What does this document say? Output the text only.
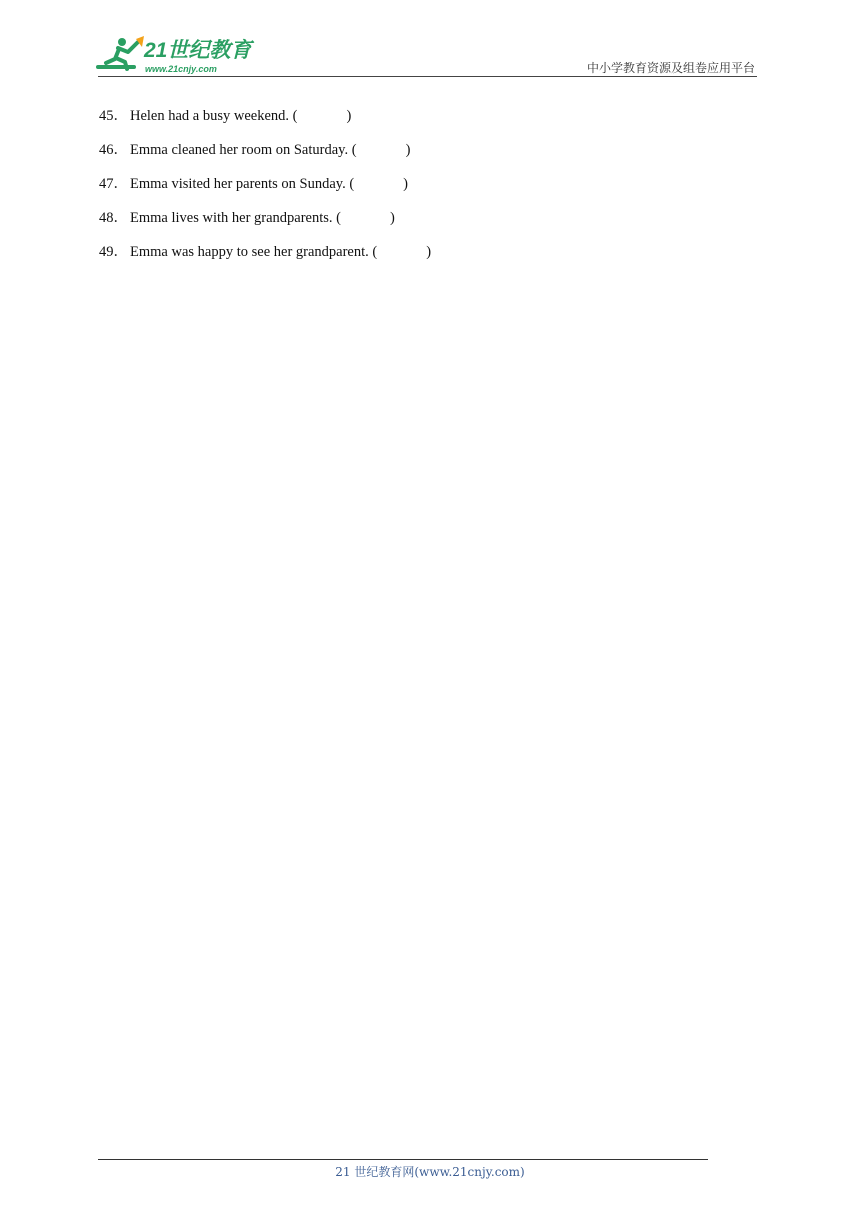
21世纪教育
www.21cnjy.com	中小学教育资源及组卷应用平台
45． Helen had a busy weekend. (	)
46． Emma cleaned her room on Saturday. (	)
47． Emma visited her parents on Sunday. (	)
48． Emma lives with her grandparents. (	)
49． Emma was happy to see her grandparent. (	)
21 世纪教育网(www.21cnjy.com)
